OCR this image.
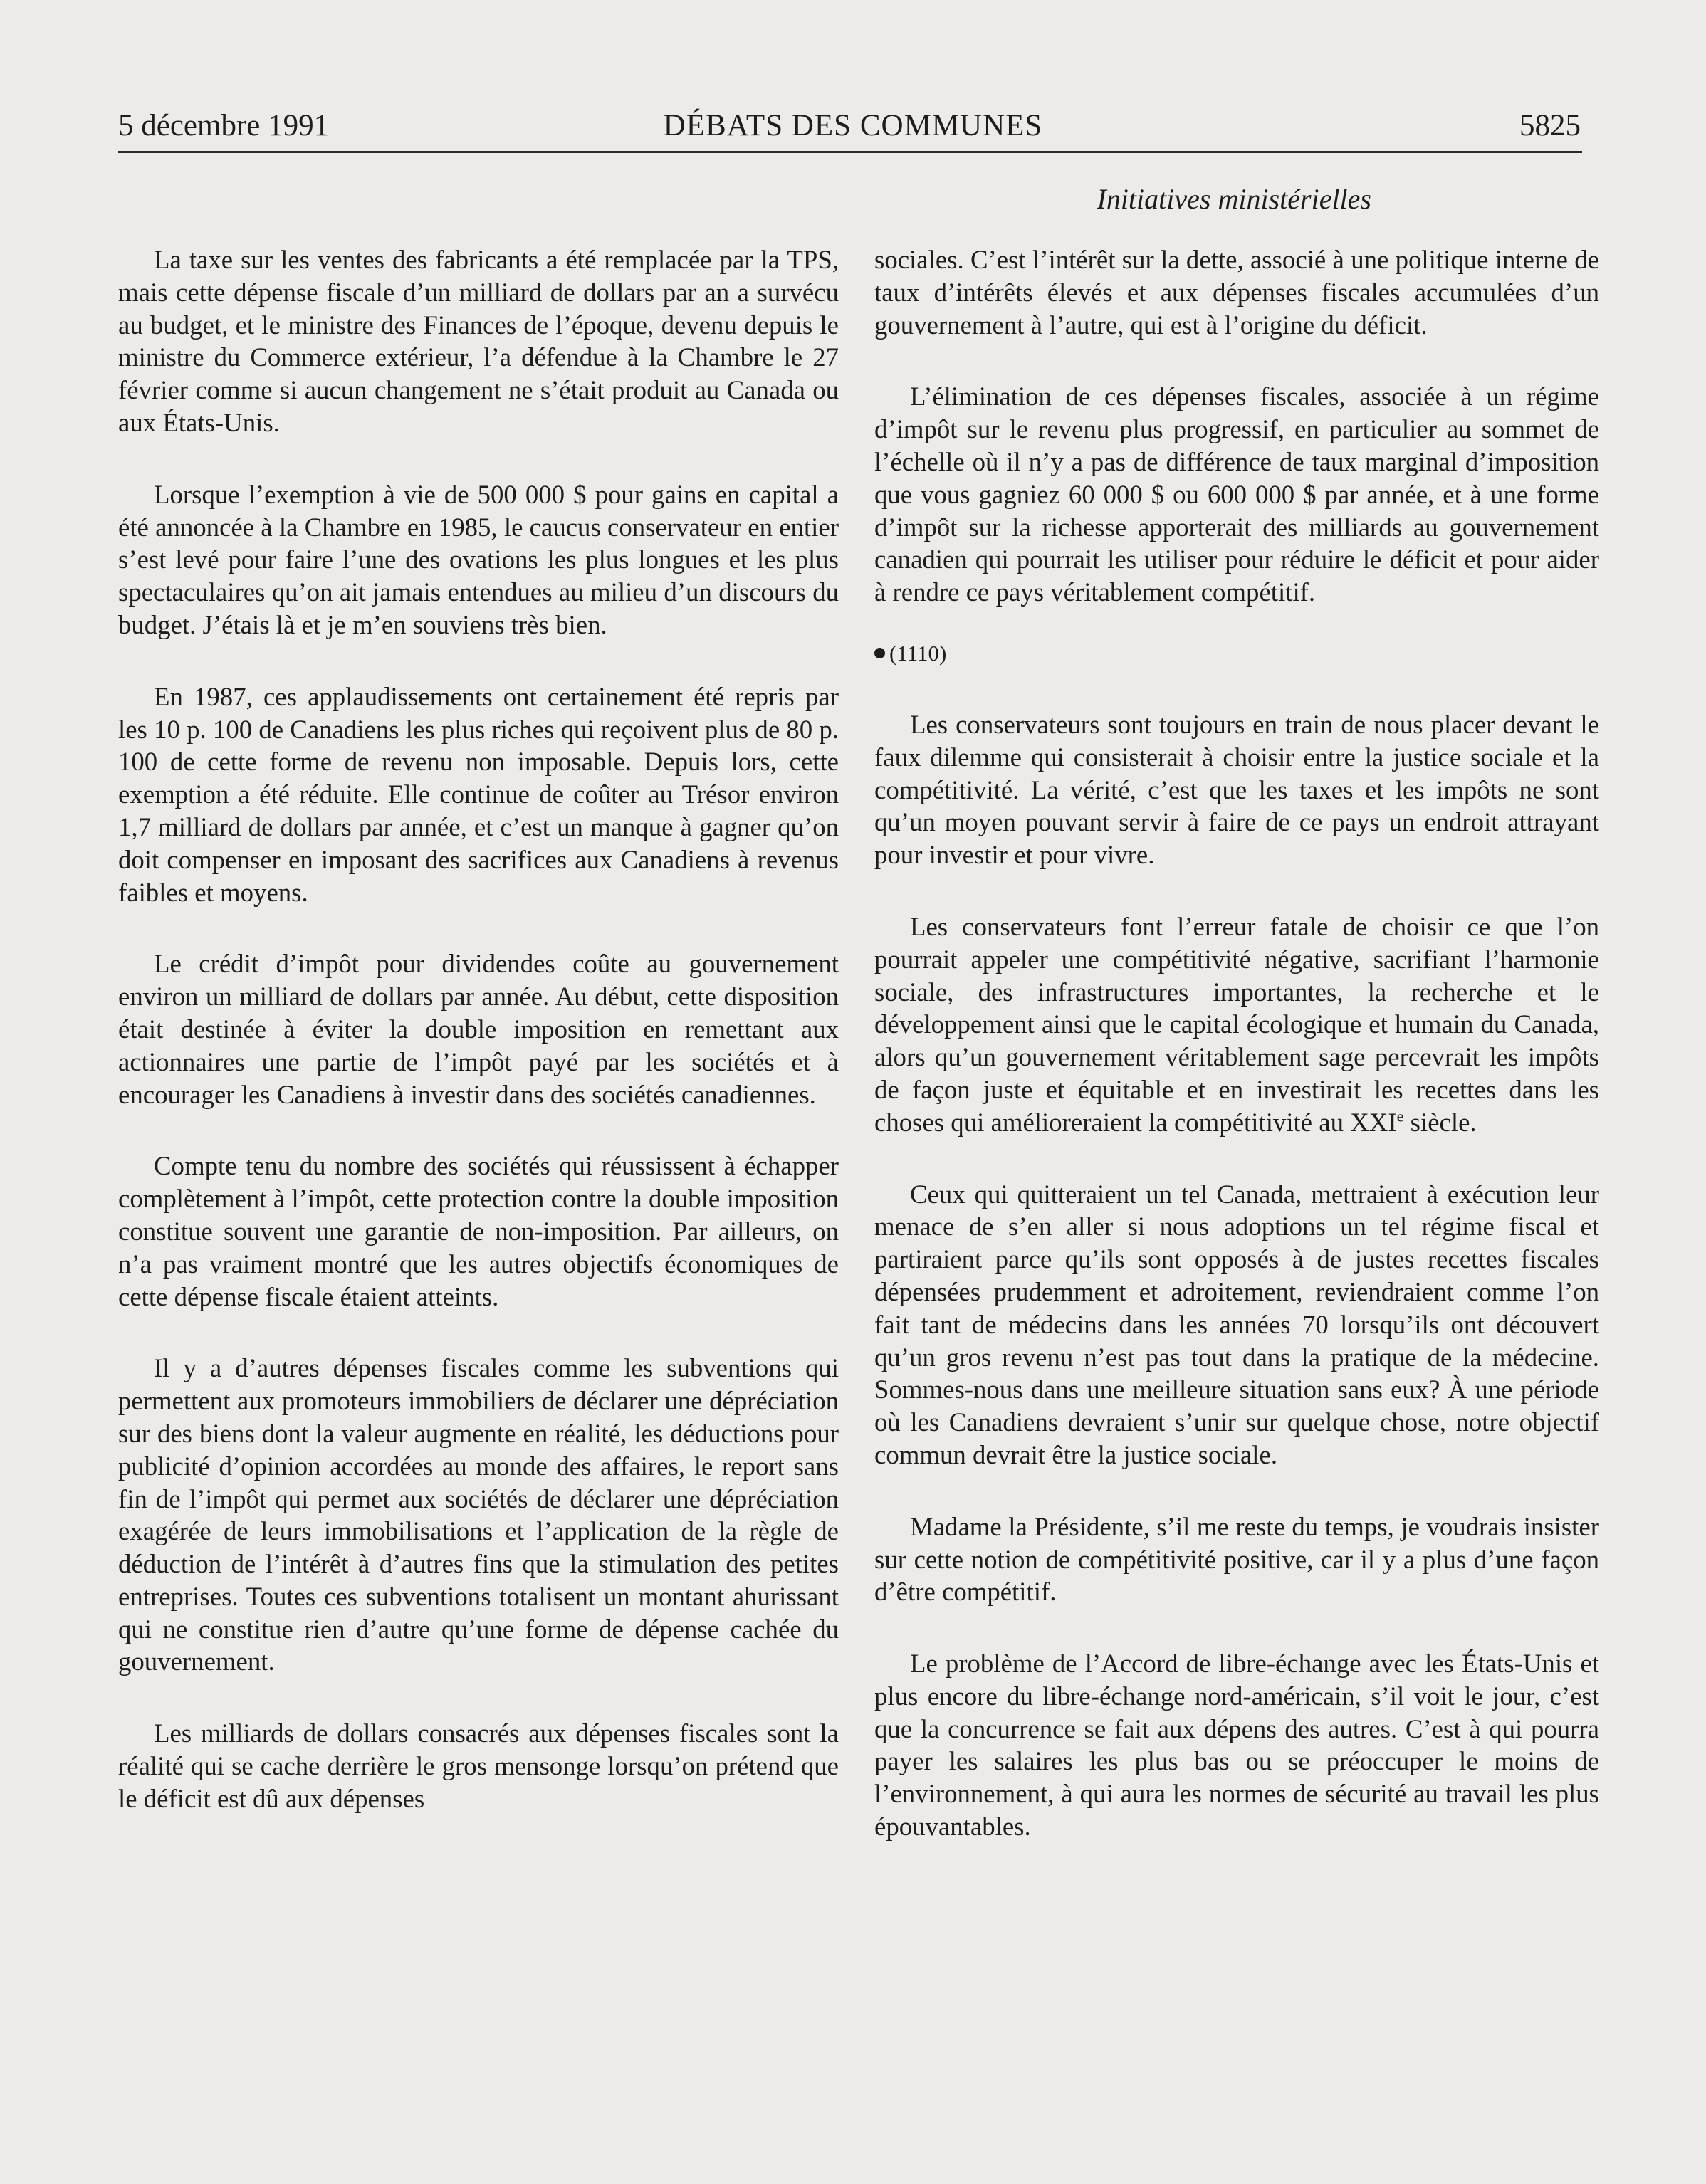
5 décembre 1991	DÉBATS DES COMMUNES	5825
Initiatives ministérielles

La taxe sur les ventes des fabricants a été remplacée par la TPS, mais cette dépense fiscale d’un milliard de dollars par an a survécu au budget, et le ministre des Finances de l’époque, devenu depuis le ministre du Commerce extérieur, l’a défendue à la Chambre le 27 février comme si aucun changement ne s’était produit au Canada ou aux États-Unis.

Lorsque l’exemption à vie de 500 000 $ pour gains en capital a été annoncée à la Chambre en 1985, le caucus conservateur en entier s’est levé pour faire l’une des ovations les plus longues et les plus spectaculaires qu’on ait jamais entendues au milieu d’un discours du budget. J’étais là et je m’en souviens très bien.

En 1987, ces applaudissements ont certainement été repris par les 10 p. 100 de Canadiens les plus riches qui reçoivent plus de 80 p. 100 de cette forme de revenu non imposable. Depuis lors, cette exemption a été réduite. Elle continue de coûter au Trésor environ 1,7 milliard de dollars par année, et c’est un manque à gagner qu’on doit compenser en imposant des sacrifices aux Canadiens à revenus faibles et moyens.

Le crédit d’impôt pour dividendes coûte au gouvernement environ un milliard de dollars par année. Au début, cette disposition était destinée à éviter la double imposition en remettant aux actionnaires une partie de l’impôt payé par les sociétés et à encourager les Canadiens à investir dans des sociétés canadiennes.

Compte tenu du nombre des sociétés qui réussissent à échapper complètement à l’impôt, cette protection contre la double imposition constitue souvent une garantie de non-imposition. Par ailleurs, on n’a pas vraiment montré que les autres objectifs économiques de cette dépense fiscale étaient atteints.

Il y a d’autres dépenses fiscales comme les subventions qui permettent aux promoteurs immobiliers de déclarer une dépréciation sur des biens dont la valeur augmente en réalité, les déductions pour publicité d’opinion accordées au monde des affaires, le report sans fin de l’impôt qui permet aux sociétés de déclarer une dépréciation exagérée de leurs immobilisations et l’application de la règle de déduction de l’intérêt à d’autres fins que la stimulation des petites entreprises. Toutes ces subventions totalisent un montant ahurissant qui ne constitue rien d’autre qu’une forme de dépense cachée du gouvernement.

Les milliards de dollars consacrés aux dépenses fiscales sont la réalité qui se cache derrière le gros mensonge lorsqu’on prétend que le déficit est dû aux dépenses

sociales. C’est l’intérêt sur la dette, associé à une politique interne de taux d’intérêts élevés et aux dépenses fiscales accumulées d’un gouvernement à l’autre, qui est à l’origine du déficit.

L’élimination de ces dépenses fiscales, associée à un régime d’impôt sur le revenu plus progressif, en particulier au sommet de l’échelle où il n’y a pas de différence de taux marginal d’imposition que vous gagniez 60 000 $ ou 600 000 $ par année, et à une forme d’impôt sur la richesse apporterait des milliards au gouvernement canadien qui pourrait les utiliser pour réduire le déficit et pour aider à rendre ce pays véritablement compétitif.

(1110)

Les conservateurs sont toujours en train de nous placer devant le faux dilemme qui consisterait à choisir entre la justice sociale et la compétitivité. La vérité, c’est que les taxes et les impôts ne sont qu’un moyen pouvant servir à faire de ce pays un endroit attrayant pour investir et pour vivre.

Les conservateurs font l’erreur fatale de choisir ce que l’on pourrait appeler une compétitivité négative, sacrifiant l’harmonie sociale, des infrastructures importantes, la recherche et le développement ainsi que le capital écologique et humain du Canada, alors qu’un gouvernement véritablement sage percevrait les impôts de façon juste et équitable et en investirait les recettes dans les choses qui amélioreraient la compétitivité au XXIe siècle.

Ceux qui quitteraient un tel Canada, mettraient à exécution leur menace de s’en aller si nous adoptions un tel régime fiscal et partiraient parce qu’ils sont opposés à de justes recettes fiscales dépensées prudemment et adroitement, reviendraient comme l’on fait tant de médecins dans les années 70 lorsqu’ils ont découvert qu’un gros revenu n’est pas tout dans la pratique de la médecine. Sommes-nous dans une meilleure situation sans eux? À une période où les Canadiens devraient s’unir sur quelque chose, notre objectif commun devrait être la justice sociale.

Madame la Présidente, s’il me reste du temps, je voudrais insister sur cette notion de compétitivité positive, car il y a plus d’une façon d’être compétitif.

Le problème de l’Accord de libre-échange avec les États-Unis et plus encore du libre-échange nord-américain, s’il voit le jour, c’est que la concurrence se fait aux dépens des autres. C’est à qui pourra payer les salaires les plus bas ou se préoccuper le moins de l’environnement, à qui aura les normes de sécurité au travail les plus épouvantables.
